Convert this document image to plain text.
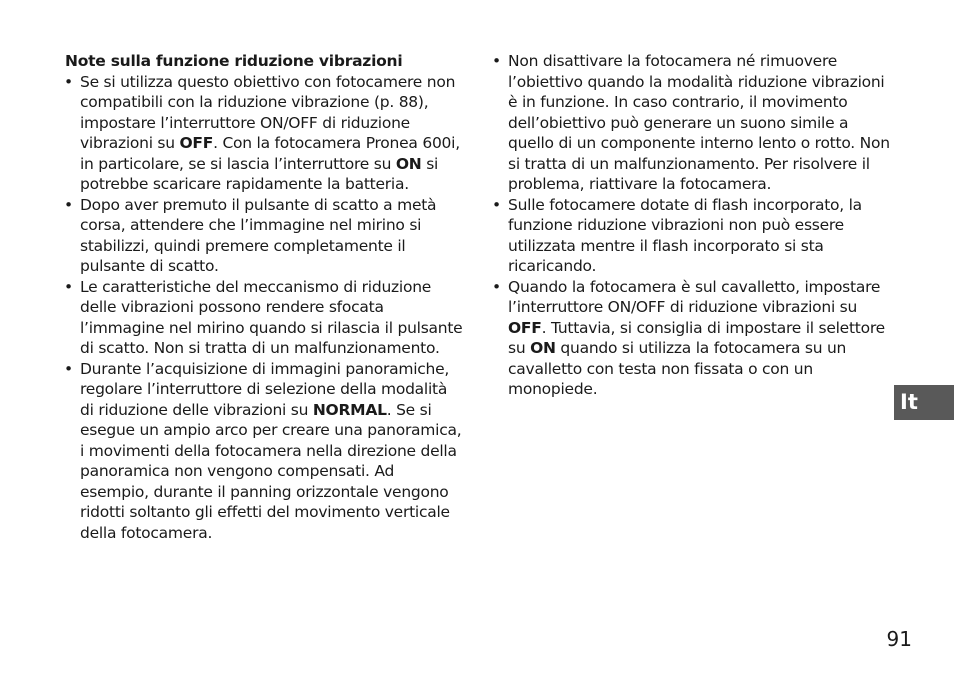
Note sulla funzione riduzione vibrazioni
• Se si utilizza questo obiettivo con fotocamere non compatibili con la riduzione vibrazione (p. 88), impostare l’interruttore ON/OFF di riduzione vibrazioni su OFF. Con la fotocamera Pronea 600i, in particolare, se si lascia l’interruttore su ON si potrebbe scaricare rapidamente la batteria.
• Dopo aver premuto il pulsante di scatto a metà corsa, attendere che l’immagine nel mirino si stabilizzi, quindi premere completamente il pulsante di scatto.
• Le caratteristiche del meccanismo di riduzione delle vibrazioni possono rendere sfocata l’immagine nel mirino quando si rilascia il pulsante di scatto. Non si tratta di un malfunzionamento.
• Durante l’acquisizione di immagini panoramiche, regolare l’interruttore di selezione della modalità di riduzione delle vibrazioni su NORMAL. Se si esegue un ampio arco per creare una panoramica, i movimenti della fotocamera nella direzione della panoramica non vengono compensati. Ad esempio, durante il panning orizzontale vengono ridotti soltanto gli effetti del movimento verticale della fotocamera.
• Non disattivare la fotocamera né rimuovere l’obiettivo quando la modalità riduzione vibrazioni è in funzione. In caso contrario, il movimento dell’obiettivo può generare un suono simile a quello di un componente interno lento o rotto. Non si tratta di un malfunzionamento. Per risolvere il problema, riattivare la fotocamera.
• Sulle fotocamere dotate di flash incorporato, la funzione riduzione vibrazioni non può essere utilizzata mentre il flash incorporato si sta ricaricando.
• Quando la fotocamera è sul cavalletto, impostare l’interruttore ON/OFF di riduzione vibrazioni su OFF. Tuttavia, si consiglia di impostare il selettore su ON quando si utilizza la fotocamera su un cavalletto con testa non fissata o con un monopiede.
It
91
